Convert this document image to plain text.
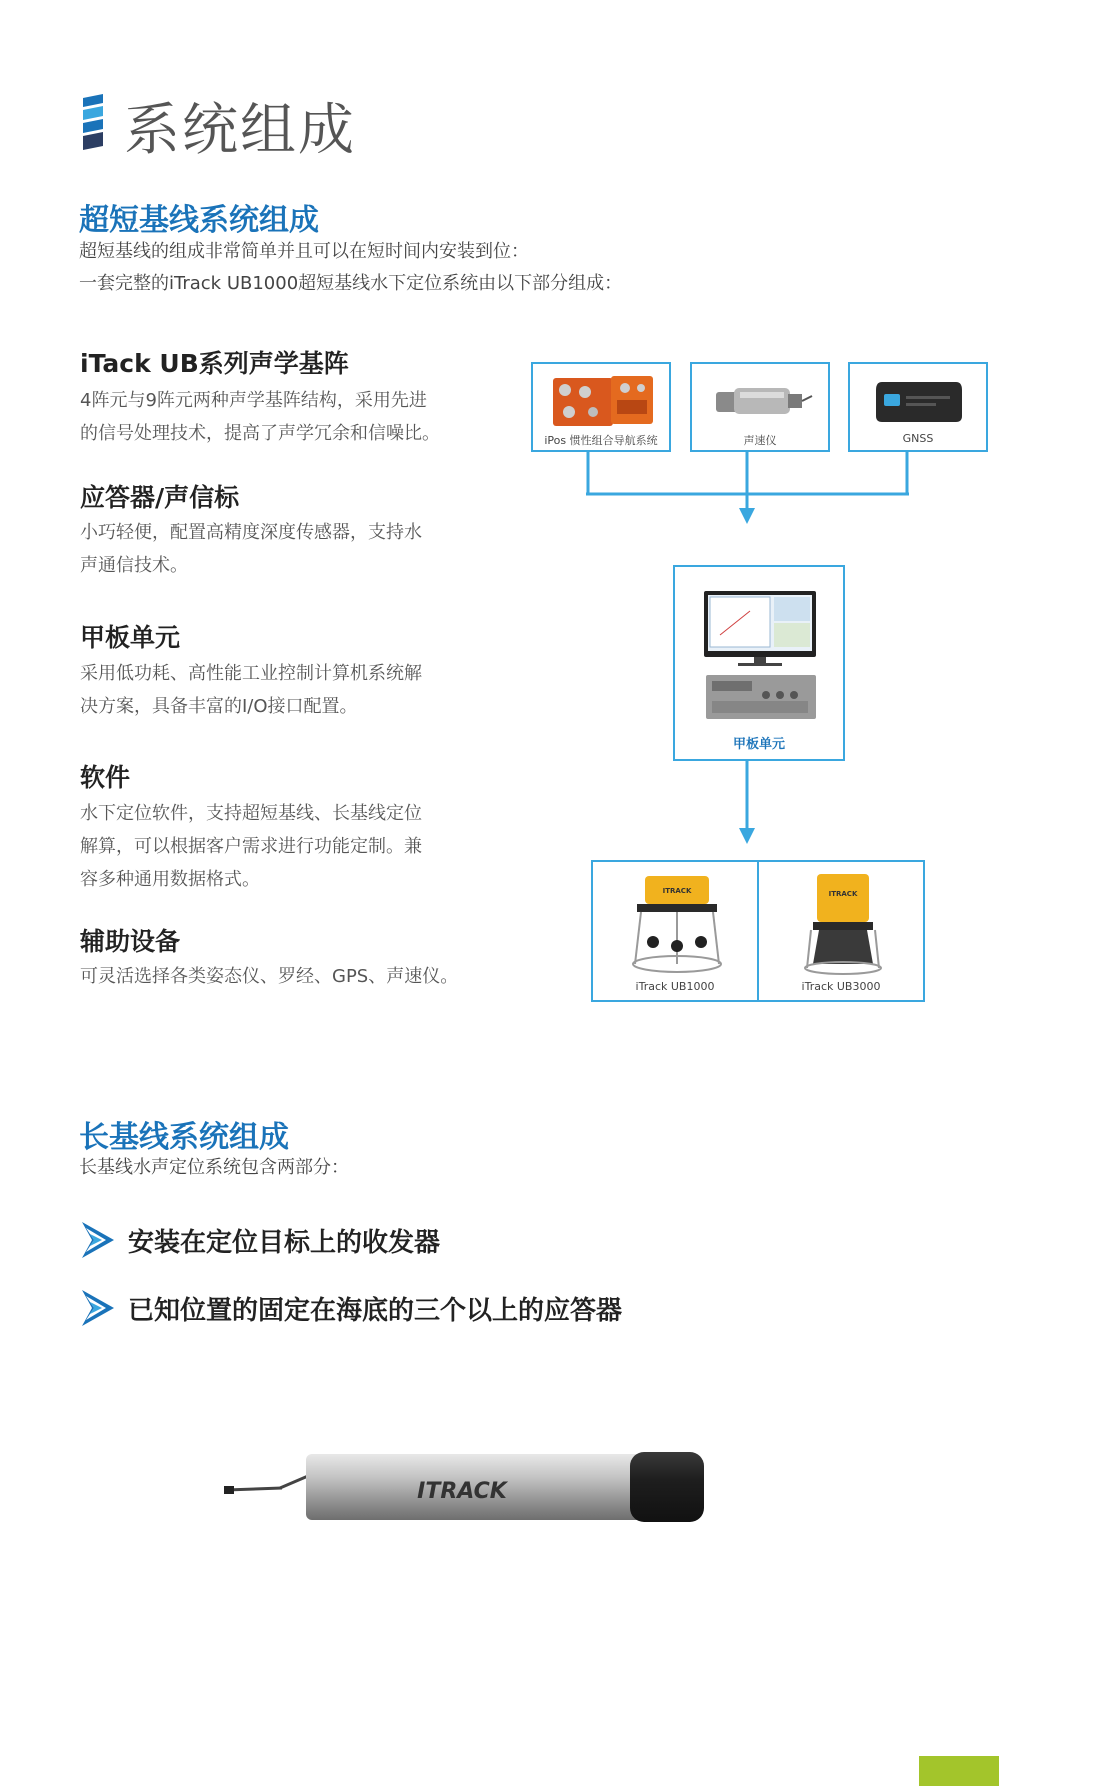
系统组成
超短基线系统组成
超短基线的组成非常简单并且可以在短时间内安装到位：
一套完整的iTrack UB1000超短基线水下定位系统由以下部分组成：
iTack UB系列声学基阵
4阵元与9阵元两种声学基阵结构，采用先进
的信号处理技术，提高了声学冗余和信噪比。
应答器/声信标
小巧轻便，配置高精度深度传感器，支持水
声通信技术。
甲板单元
采用低功耗、高性能工业控制计算机系统解
决方案，具备丰富的I/O接口配置。
软件
水下定位软件，支持超短基线、长基线定位
解算，可以根据客户需求进行功能定制。兼
容多种通用数据格式。
辅助设备
可灵活选择各类姿态仪、罗经、GPS、声速仪。
iPos 惯性组合导航系统	声速仪	GNSS
甲板单元
ITRACK
iTrack UB1000
ITRACK
iTrack UB3000
长基线系统组成
长基线水声定位系统包含两部分：
安装在定位目标上的收发器
已知位置的固定在海底的三个以上的应答器
ITRACK
